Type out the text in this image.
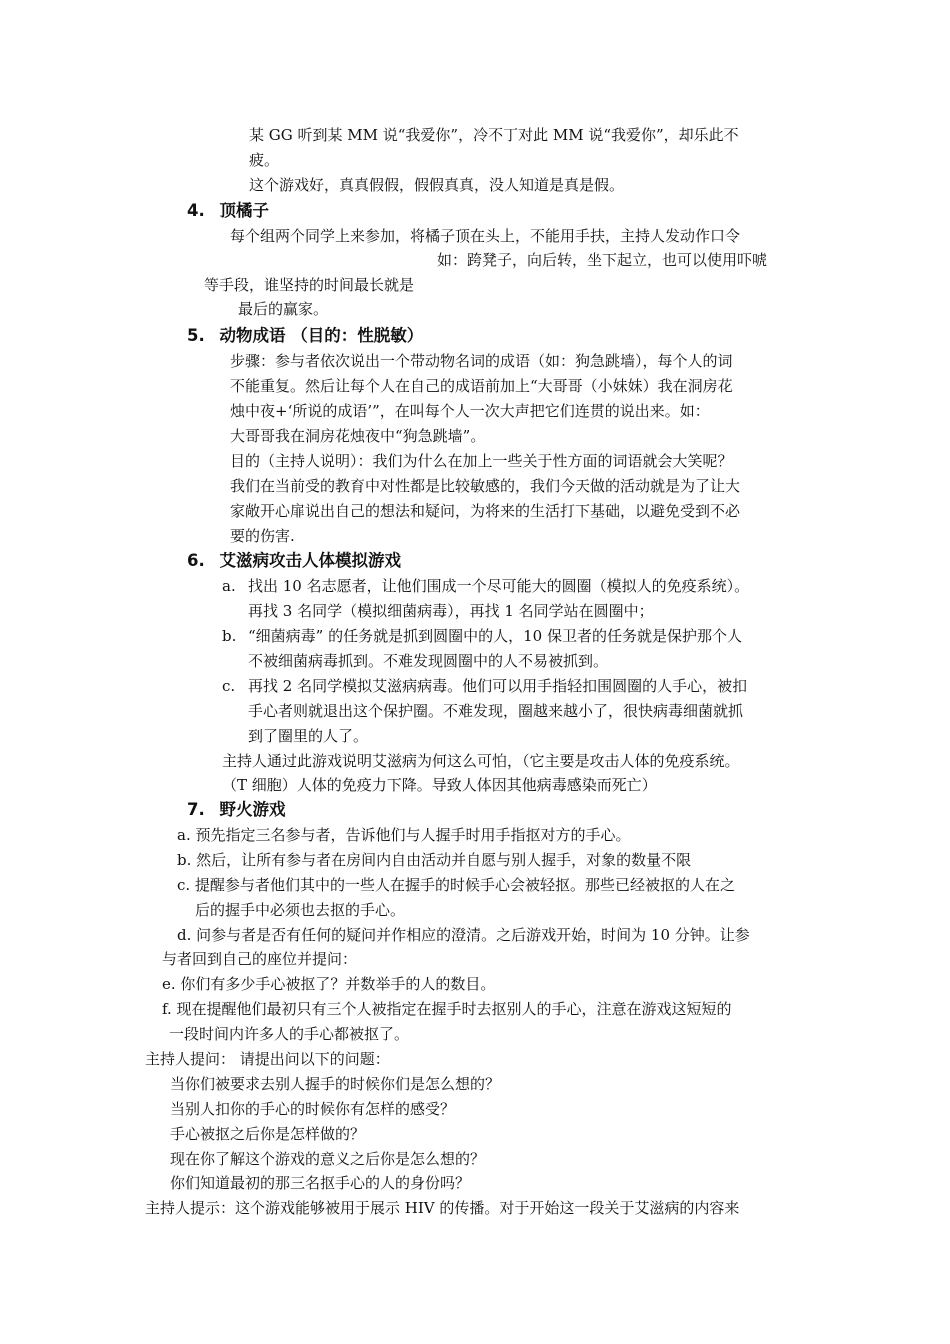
某 GG 听到某 MM 说“我爱你”，冷不丁对此 MM 说“我爱你”，却乐此不
疲。
这个游戏好，真真假假，假假真真，没人知道是真是假。
4. 顶橘子
每个组两个同学上来参加，将橘子顶在头上，不能用手扶，主持人发动作口令
如：跨凳子，向后转，坐下起立，也可以使用吓唬
等手段，谁坚持的时间最长就是
最后的赢家。
5. 动物成语 （目的：性脱敏）
步骤：参与者依次说出一个带动物名词的成语（如：狗急跳墙），每个人的词
不能重复。然后让每个人在自己的成语前加上“大哥哥（小妹妹）我在洞房花
烛中夜+‘所说的成语’”，在叫每个人一次大声把它们连贯的说出来。如：
大哥哥我在洞房花烛夜中“狗急跳墙”。
目的（主持人说明）：我们为什么在加上一些关于性方面的词语就会大笑呢？
我们在当前受的教育中对性都是比较敏感的，我们今天做的活动就是为了让大
家敞开心扉说出自己的想法和疑问，为将来的生活打下基础，以避免受到不必
要的伤害.
6. 艾滋病攻击人体模拟游戏
a. 找出 10 名志愿者，让他们围成一个尽可能大的圆圈（模拟人的免疫系统）。
再找 3 名同学（模拟细菌病毒），再找 1 名同学站在圆圈中；
b. “细菌病毒” 的任务就是抓到圆圈中的人，10 保卫者的任务就是保护那个人
不被细菌病毒抓到。不难发现圆圈中的人不易被抓到。
c. 再找 2 名同学模拟艾滋病病毒。他们可以用手指轻扣围圆圈的人手心，被扣
手心者则就退出这个保护圈。不难发现，圈越来越小了，很快病毒细菌就抓
到了圈里的人了。
主持人通过此游戏说明艾滋病为何这么可怕，（它主要是攻击人体的免疫系统。
（T 细胞）人体的免疫力下降。导致人体因其他病毒感染而死亡）
7. 野火游戏
a. 预先指定三名参与者，告诉他们与人握手时用手指抠对方的手心。
b. 然后，让所有参与者在房间内自由活动并自愿与别人握手，对象的数量不限
c. 提醒参与者他们其中的一些人在握手的时候手心会被轻抠。那些已经被抠的人在之
后的握手中必须也去抠的手心。
d. 问参与者是否有任何的疑问并作相应的澄清。之后游戏开始，时间为 10 分钟。让参
与者回到自己的座位并提问：
e. 你们有多少手心被抠了？并数举手的人的数目。
f. 现在提醒他们最初只有三个人被指定在握手时去抠别人的手心，注意在游戏这短短的
一段时间内许多人的手心都被抠了。
主持人提问： 请提出问以下的问题：
当你们被要求去别人握手的时候你们是怎么想的？
当别人扣你的手心的时候你有怎样的感受？
手心被抠之后你是怎样做的？
现在你了解这个游戏的意义之后你是怎么想的？
你们知道最初的那三名抠手心的人的身份吗？
主持人提示：这个游戏能够被用于展示 HIV 的传播。对于开始这一段关于艾滋病的内容来
